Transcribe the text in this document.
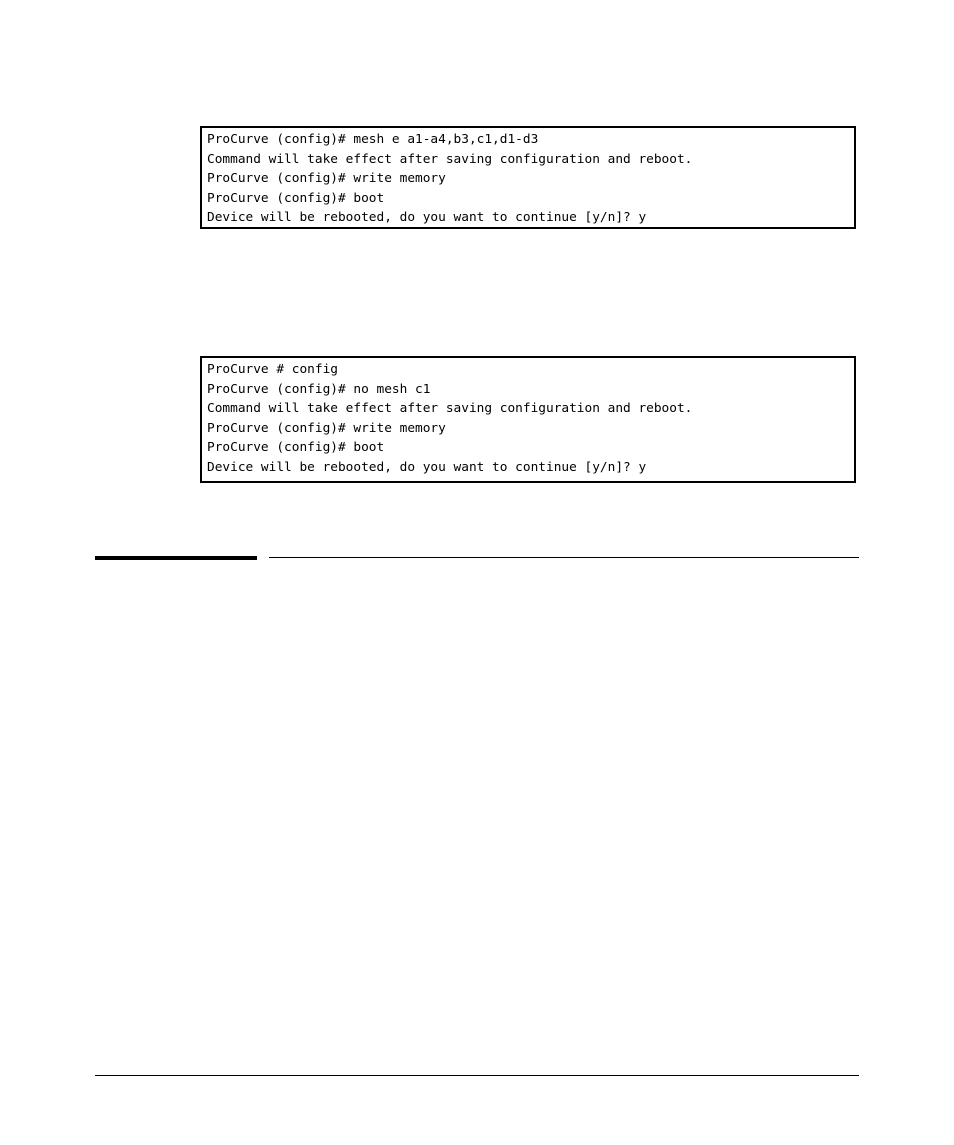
ProCurve (config)# mesh e a1-a4,b3,c1,d1-d3
Command will take effect after saving configuration and reboot.
ProCurve (config)# write memory
ProCurve (config)# boot
Device will be rebooted, do you want to continue [y/n]? y
ProCurve # config
ProCurve (config)# no mesh c1
Command will take effect after saving configuration and reboot.
ProCurve (config)# write memory
ProCurve (config)# boot
Device will be rebooted, do you want to continue [y/n]? y
